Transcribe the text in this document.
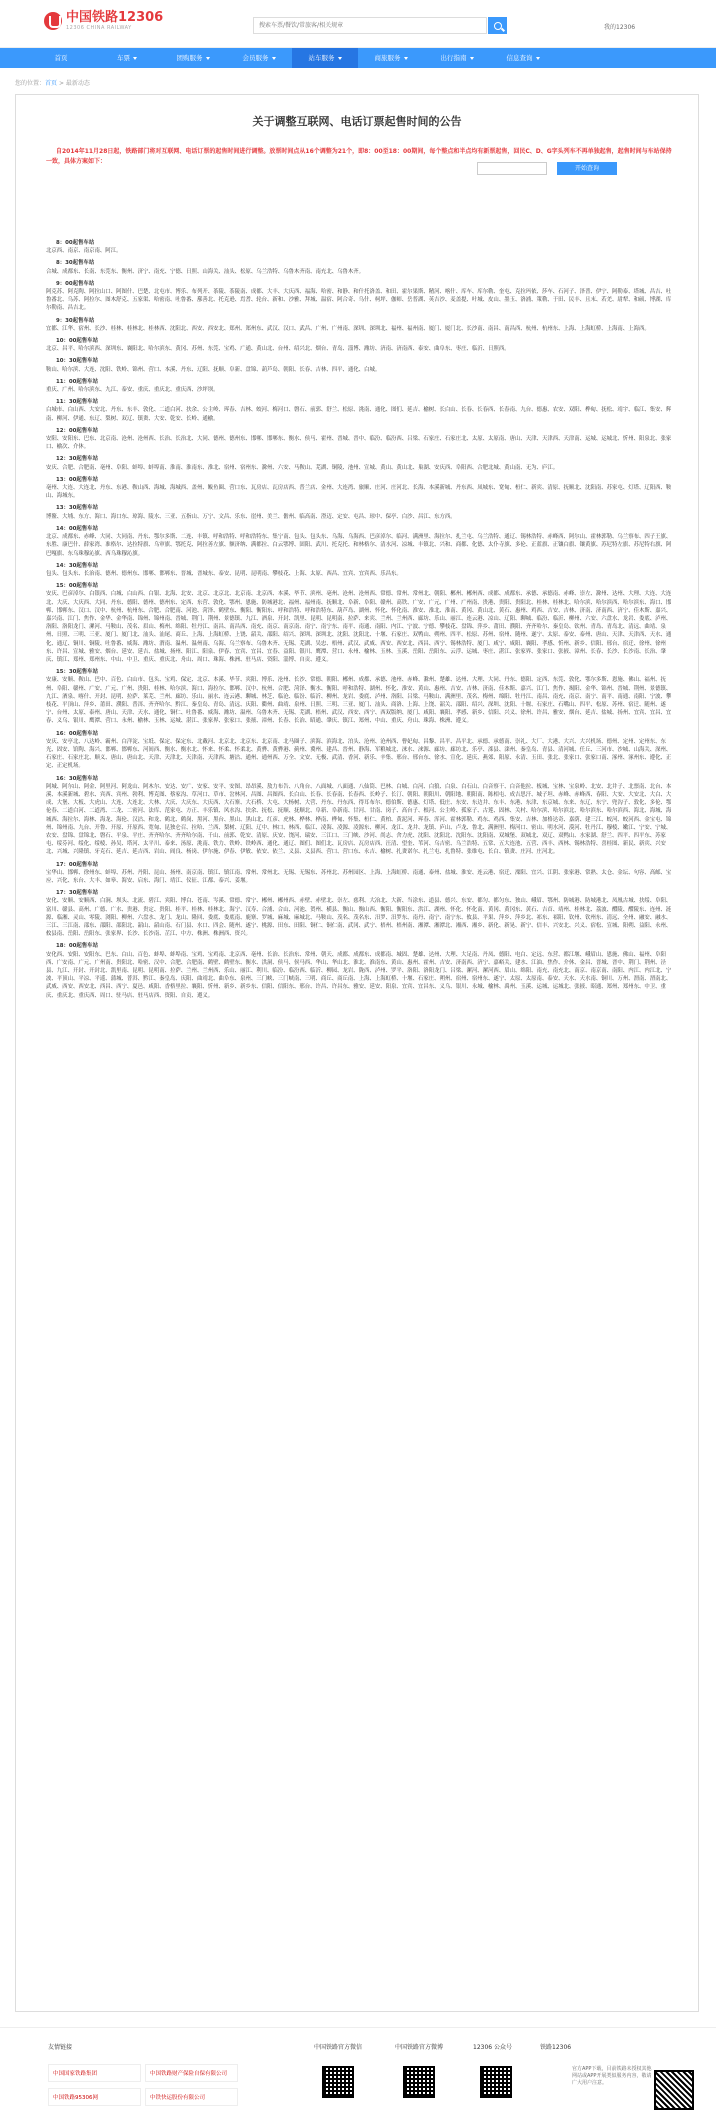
中国铁路12306
12306 CHINA RAILWAY
搜索车票/餐饮/常旅客/相关规章	我的12306
首页	车票	团购服务	会员服务	站车服务	商旅服务	出行指南	信息查询
您的位置：首页 > 最新动态
关于调整互联网、电话订票起售时间的公告
自2014年11月28日起，铁路部门将对互联网、电话订票的起售时间进行调整。放票时间点从16个调整为21个，即8：00至18：00期间，每个整点和半点均有新票起售，回民C、D、G字头列车不再单独起售，起售时间与车站保持一致，具体方案如下：
开始查询
8：00起售车站
北京西、南京、南京南、阿江。
8：30起售车站
合城、成都东、长南、东莞东、衡州、济宁、南充、宁德、日照、山海关、汕头、松原、乌兰浩特、乌鲁木齐南、南充北、乌鲁木齐。
9：00起售车站
阿克苏、阿克陶、阿拉山口、阿图什、巴楚、北屯市、博乐、布列开、茶陵、茶陵南、成都、大丰、大庆西、福海、哈密、和静、和什托洛盖、和田、霍尔果斯、精河、喀什、库车、库尔勒、奎屯、克拉玛依、莎车、石河子、泽普、伊宁、阿勒泰、塔城、昌吉、吐鲁番北、乌苏、阿拉尔、图木舒克、五家渠、哈密南、吐鲁番、鄯善北、托克逊、焉耆、轮台、新和、沙雅、拜城、温宿、阿合奇、乌什、柯坪、伽师、岳普湖、英吉沙、麦盖提、叶城、皮山、墨玉、洛浦、策勒、于田、民丰、且末、若羌、尉犁、和硕、博湖、库尔勒南、昌吉北。
9：30起售车站
宜都、江华、宿州、长沙、桂林、桂林北、桂林西、沈阳北、西安、西安北、郑州、郑州东、武汉、汉口、武昌、广州、广州南、深圳、深圳北、福州、福州南、厦门、厦门北、长沙南、南昌、南昌西、杭州、杭州东、上海、上海虹桥、上海南、上海西。
10：00起售车站
北京、昌平、哈尔滨西、深圳东、襄阳北、哈尔滨东、黄冈、苏州、东莞、宝鸡、广通、黄山北、台州、绍兴北、烟台、青岛、淄博、潍坊、济南、济南西、泰安、曲阜东、枣庄、临沂、日照西。
10：30起售车站
鞍山、哈尔滨、大连、沈阳、铁岭、锦州、营口、本溪、丹东、辽阳、抚顺、阜新、盘锦、葫芦岛、朝阳、长春、吉林、四平、通化、白城。
11：00起售车站
重庆、广州、哈尔滨东、九江、泰安、重庆、重庆北、重庆西、沙坪坝。
11：30起售车站
白城市、白山西、大安北、丹东、东丰、敦化、二道白河、扶余、公主岭、珲春、吉林、蛟河、梅河口、磐石、前郭、舒兰、松原、洮南、通化、图们、延吉、榆树、长白山、长春、长春西、长春南、九台、德惠、农安、双阳、桦甸、抚松、靖宇、临江、集安、辉南、柳河、伊通、东辽、梨树、双辽、镇赉、大安、乾安、长岭、通榆。
12：00起售车站
安阳、安阳东、巴东、北京南、沧州、沧州西、长治、长治北、大同、德州、德州东、邯郸、邯郸东、衡水、侯马、霍州、晋城、晋中、临汾、临汾西、吕梁、石家庄、石家庄北、太原、太原南、唐山、天津、天津西、天津南、运城、运城北、忻州、阳泉北、张家口、榆次、介休。
12：30起售车站
安庆、合肥、合肥南、亳州、阜阳、蚌埠、蚌埠南、淮南、淮南东、淮北、宿州、宿州东、滁州、六安、马鞍山、芜湖、铜陵、池州、宣城、黄山、黄山北、巢湖、安庆西、阜阳西、合肥北城、黄山南、无为、庐江。
13：00起售车站
亳州、大连、大连北、丹东、东港、鞍山西、海城、海城西、盖州、鲅鱼圈、营口东、瓦房店、瓦房店西、普兰店、金州、大连湾、旅顺、庄河、庄河北、长海、本溪新城、丹东西、凤城东、宽甸、桓仁、新宾、清原、抚顺北、沈阳南、苏家屯、灯塔、辽阳西、鞍山、海城东。
13：30起售车站
博鳌、大埔、东方、海口、海口东、琼海、陵水、三亚、五指山、万宁、文昌、乐东、崖州、美兰、儋州、临高南、澄迈、定安、屯昌、琼中、保亭、白沙、昌江、东方西。
14：00起售车站
北京、成都东、赤峰、大同、大同南、丹东、鄂尔多斯、二连、丰镇、呼和浩特、呼和浩特东、集宁南、包头、包头东、乌海、乌海西、巴彦淖尔、临河、满洲里、海拉尔、扎兰屯、乌兰浩特、通辽、锡林浩特、赤峰西、阿尔山、霍林郭勒、乌兰察布、四子王旗、东胜、康巴什、薛家湾、准格尔、达拉特旗、乌审旗、鄂托克、阿拉善左旗、额济纳、满都拉、白云鄂博、固阳、武川、托克托、和林格尔、清水河、凉城、丰镇北、兴和、商都、化德、太仆寺旗、多伦、正蓝旗、正镶白旗、镶黄旗、苏尼特左旗、苏尼特右旗、阿巴嘎旗、东乌珠穆沁旗、西乌珠穆沁旗。
14：30起售车站
包头、包头东、长治南、德州、德州东、邯郸、邯郸东、晋城、晋城东、泰安、昆明、昆明南、攀枝花、上海、太原、西昌、宜宾、宜宾西、乐昌东。
15：00起售车站
安庆、巴彦淖尔、白银西、白城、白山西、白银、北海、北安、北京、北京北、北京南、北京西、本溪、毕节、滨州、亳州、沧州、沧州西、常德、常州、常州北、朝阳、郴州、郴州西、成都、成都东、承德、承德南、赤峰、崇左、滁州、达州、大理、大连、大连北、大庆、大庆西、大同、丹东、德阳、德州、德州东、定西、东营、敦化、鄂州、恩施、防城港北、福州、福州南、抚顺北、阜新、阜阳、赣州、高铁、广安、广元、广州、广州南、贵港、贵阳、贵阳北、桂林、桂林北、哈尔滨、哈尔滨西、哈尔滨东、海口、邯郸、邯郸东、汉口、汉中、杭州、杭州东、合肥、合肥南、河池、菏泽、鹤壁东、衡阳、衡阳东、呼和浩特、呼和浩特东、葫芦岛、湖州、怀化、怀化南、淮安、淮北、淮南、黄冈、黄山北、黄石、惠州、鸡西、吉安、吉林、济南、济南西、济宁、佳木斯、嘉兴、嘉兴南、江门、焦作、金华、金华南、锦州、锦州南、晋城、荆门、荆州、景德镇、九江、酒泉、开封、凯里、昆明、昆明南、拉萨、来宾、兰州、兰州西、廊坊、乐山、丽江、连云港、凉山、辽阳、聊城、临汾、临沂、柳州、六安、六盘水、龙岩、娄底、泸州、洛阳、洛阳龙门、漯河、马鞍山、茂名、眉山、梅州、绵阳、牡丹江、南昌、南昌西、南充、南京、南京南、南宁、南宁东、南平、南通、南阳、内江、宁波、宁德、攀枝花、盘锦、萍乡、莆田、濮阳、齐齐哈尔、秦皇岛、钦州、青岛、青岛北、清远、曲靖、泉州、日照、三明、三亚、厦门、厦门北、汕头、汕尾、商丘、上海、上海虹桥、上饶、韶关、邵阳、绍兴、深圳、深圳北、沈阳、沈阳北、十堰、石家庄、双鸭山、朔州、四平、松原、苏州、宿州、随州、遂宁、太原、泰安、泰州、唐山、天津、天津西、天水、通化、通辽、铜川、铜陵、吐鲁番、威海、潍坊、渭南、温州、温州南、乌海、乌兰察布、乌鲁木齐、无锡、芜湖、吴忠、梧州、武汉、武威、西安、西安北、西昌、西宁、锡林浩特、厦门、咸宁、咸阳、襄阳、孝感、忻州、新乡、信阳、邢台、宿迁、徐州、徐州东、许昌、宣城、雅安、烟台、延安、延吉、盐城、扬州、阳江、阳泉、伊春、宜宾、宜昌、宜春、益阳、银川、鹰潭、营口、永州、榆林、玉林、玉溪、岳阳、岳阳东、云浮、运城、枣庄、湛江、张家界、张家口、张掖、漳州、长春、长沙、长沙南、长治、肇庆、镇江、郑州、郑州东、中山、中卫、重庆、重庆北、舟山、周口、珠海、株洲、驻马店、资阳、淄博、自贡、遵义。
15：30起售车站
安康、安顺、鞍山、巴中、百色、白山市、包头、宝鸡、保定、北京、本溪、毕节、宾阳、博乐、沧州、长沙、常德、朝阳、郴州、成都、承德、池州、赤峰、滁州、楚雄、达州、大理、大同、丹东、德阳、定西、东莞、敦化、鄂尔多斯、恩施、佛山、福州、抚州、阜阳、赣州、广安、广元、广州、贵阳、桂林、哈尔滨、海口、海拉尔、邯郸、汉中、杭州、合肥、菏泽、衡水、衡阳、呼和浩特、湖州、怀化、淮安、黄山、惠州、吉安、吉林、济南、佳木斯、嘉兴、江门、焦作、揭阳、金华、锦州、晋城、荆州、景德镇、九江、酒泉、喀什、开封、昆明、拉萨、莱芜、兰州、廊坊、乐山、丽水、连云港、聊城、林芝、临沧、临汾、临沂、柳州、龙岩、娄底、泸州、洛阳、吕梁、马鞍山、满洲里、茂名、梅州、绵阳、牡丹江、南昌、南充、南京、南宁、南平、南通、南阳、宁波、攀枝花、平顶山、萍乡、莆田、濮阳、普洱、齐齐哈尔、黔江、秦皇岛、青岛、清远、庆阳、衢州、曲靖、泉州、日照、三明、三亚、厦门、汕头、商洛、上海、上饶、韶关、邵阳、绍兴、深圳、沈阳、十堰、石家庄、石嘴山、四平、松原、苏州、宿迁、随州、遂宁、台州、太原、泰州、唐山、天津、天水、通化、铜仁、吐鲁番、威海、潍坊、温州、乌鲁木齐、无锡、芜湖、梧州、武汉、西安、西宁、西双版纳、厦门、咸阳、襄阳、孝感、新乡、信阳、兴义、徐州、许昌、雅安、烟台、延吉、盐城、扬州、宜宾、宜昌、宜春、义乌、银川、鹰潭、营口、永州、榆林、玉林、运城、湛江、张家界、张家口、张掖、漳州、长春、长治、昭通、肇庆、镇江、郑州、中山、重庆、舟山、珠海、株洲、遵义。
16：00起售车站
安庆、安亭北、八达岭、霸州、白洋淀、宝坻、保定、保定东、北戴河、北京北、北京东、北京南、北马圈子、滨海、滨海北、泊头、沧州、沧州西、曹妃甸、昌黎、昌平、昌平北、承德、承德南、崇礼、大厂、大港、大兴、大兴机场、德州、定州、定州东、东光、固安、馆陶、海兴、邯郸、邯郸东、河间西、衡水、衡水北、怀来、怀柔、怀柔北、黄骅、黄骅港、蓟州、冀州、建昌、晋州、静海、军粮城北、涞水、涞源、廊坊、廊坊北、乐亭、滦县、滦州、秦皇岛、青县、清河城、任丘、三河市、沙城、山海关、深州、石家庄、石家庄北、顺义、唐山、唐山北、天津、天津北、天津南、天津西、塘沽、通州、通州西、万全、文安、无极、武清、香河、新乐、辛集、邢台、邢台东、徐水、宣化、延庆、燕郊、阳原、永清、玉田、张北、张家口、张家口南、涿州、涿州东、遵化、正定、正定机场。
16：30起售车站
阿城、阿尔山、阿金、阿里河、阿龙山、阿木尔、安达、安广、安家、安平、安图、昂昂溪、敖力布告、八角台、八面城、八面通、八仙筒、巴林、白城、白河、白狼、白泉、白石山、白音察干、白音他拉、板城、宝林、宝泉岭、北安、北井子、北票南、北台、本溪、本溪新城、碧水、宾西、宾州、勃利、博克图、蔡家沟、草河口、草市、岔林河、昌图、昌图西、长白山、长春、长春南、长春西、长岭子、长汀、朝阳、朝阳川、朝阳地、朝阳南、陈相屯、成吉思汗、城子坦、赤峰、赤峰西、春阳、大安、大安北、大白、大成、大堡、大板、大虎山、大连、大连北、大林、大庆、大庆东、大庆西、大石寨、大石桥、大屯、大杨树、大营、丹东、丹东西、得耳布尔、德伯斯、德惠、灯塔、低庄、东安、东边井、东丰、东港、东津、东京城、东来、东辽、东宁、兜沟子、敦化、多伦、鄂伦春、二道白河、二道湾、二龙、二密河、法库、范家屯、方正、丰乐镇、风水沟、扶余、抚松、抚顺、抚顺北、阜新、阜新南、甘河、甘南、岗子、高台子、根河、公主岭、孤家子、古莲、固林、关村、哈尔滨、哈尔滨北、哈尔滨东、哈尔滨西、海北、海城、海城西、海拉尔、海林、海龙、海伦、汉沽、和龙、鹤北、鹤岗、黑河、黑台、黑山、黑山北、红彦、虎林、桦林、桦南、桦甸、怀集、桓仁、黄柏、黄泥河、珲春、浑河、霍林郭勒、鸡东、鸡西、集安、吉林、加格达奇、嘉荫、建三江、蛟河、蛟河西、金宝屯、锦州、锦州南、九台、开鲁、开原、开原西、宽甸、昆独仑召、拉哈、兰西、梨树、辽阳、辽中、林口、林西、临江、凌海、凌源、凌源东、柳河、龙江、龙井、龙镇、庐山、卢龙、鲁北、满洲里、梅河口、密山、明水河、漠河、牡丹江、穆棱、嫩江、宁安、宁城、农安、盘锦、盘锦北、磐石、平泉、平庄、齐齐哈尔、齐齐哈尔南、千山、前郭、乾安、清原、庆安、饶河、瑞安、三江口、三门峡、沙河、尚志、舍力虎、沈阳、沈阳北、沈阳东、沈阳南、双城堡、双城北、双辽、双鸭山、水家湖、舒兰、四平、四平东、苏家屯、绥芬河、绥化、绥棱、孙吴、塔河、太平川、泰来、汤原、洮南、铁力、铁岭、铁岭西、通化、通辽、图们、图们北、瓦房店、瓦房店西、汪清、望奎、苇河、乌吉密、乌兰浩特、五常、五大连池、五营、西丰、西林、锡林浩特、喜桂图、新民、新宾、兴安北、兴城、兴隆镇、牙克石、延吉、延吉西、岩山、阎良、杨岗、伊尔施、伊春、伊敏、依安、依兰、义县、义县西、营口、营口东、永吉、榆树、扎赉诺尔、扎兰屯、扎鲁特、张维屯、长白、镇赉、庄河、庄河北。
17：00起售车站
宝华山、邯郸、徐州东、蚌埠、苏州、丹阳、昆山、扬州、南京南、镇江、镇江南、常州、常州北、无锡、无锡东、苏州北、苏州园区、上海、上海虹桥、南通、泰州、盐城、淮安、连云港、宿迁、溧阳、宜兴、江阴、张家港、常熟、太仓、金坛、句容、高邮、宝应、兴化、东台、大丰、如皋、海安、启东、海门、靖江、仪征、江都、泰兴、姜堰。
17：30起售车站
安化、安顺、安顺西、白涧、坝头、北流、碧江、宾阳、博白、苍南、岑溪、常德、常宁、郴州、郴州西、赤壁、赤壁北、崇左、慈利、大冶北、大新、当涂东、道县、德兴、东安、都匀、都匀东、独山、峨眉、鄂州、防城港、防城港北、凤凰古城、扶绥、阜阳、富川、赣县、高州、广德、广水、贵港、贵定、贵阳、桂平、桂林、桂林北、海宁、汉寿、合浦、合山、河池、贺州、横县、衡山、衡山西、衡阳、衡阳东、洪江、湖州、怀化、怀化南、黄冈、黄冈东、黄石、吉首、靖州、桂林北、荔波、醴陵、醴陵东、连州、涟源、临湘、灵山、零陵、浏阳、柳州、六盘水、龙门、龙山、隆回、娄底、娄底南、鹿寨、罗城、麻城、麻城北、马鞍山、茂名、茂名东、汨罗、汨罗东、南丹、南宁、南宁东、攸县、平果、萍乡、萍乡北、祁东、祁阳、钦州、钦州东、清远、全州、融安、融水、三江、三江南、邵东、邵阳、邵阳北、韶山、韶山南、石门县、水口、四会、随州、遂宁、桃源、田东、田阳、铜仁、铜仁南、武冈、武宁、梧州、梧州南、湘潭、湘潭北、湘西、湘乡、新化、新晃、新宁、信丰、兴安北、兴义、宿松、宣城、阳朔、益阳、永州、攸县南、岳阳、岳阳东、张家界、长沙、长沙南、芷江、中方、株洲、株洲西、资兴。
18：00起售车站
安化西、安阳、安阳东、巴东、白山、百色、蚌埠、蚌埠南、宝鸡、宝鸡南、北京西、亳州、长治、长治东、常州、朝天、成都、成都东、成都南、城固、楚雄、达州、大理、大足南、丹凤、德阳、电白、定远、东营、都江堰、峨眉山、恩施、佛山、福州、阜阳西、广安南、广元、广州南、贵阳北、哈密、汉中、合肥、合肥南、鹤壁、鹤壁东、衡水、洪洞、侯马、侯马西、华山、华山北、淮北、淮南东、黄山、惠州、霍州、吉安、济南西、济宁、嘉峪关、建水、江油、焦作、介休、金昌、晋城、晋中、荆门、荆州、泾县、九江、开封、开封北、凯里南、昆明、昆明南、拉萨、兰州、兰州西、乐山、丽江、利川、临汾、临汾西、临沂、柳园、龙岩、陇西、泸州、罗平、洛阳、洛阳龙门、吕梁、漯河、漯河西、眉山、绵阳、南充、南充北、南京、南京南、南阳、内江、内江北、宁波、平顶山、平凉、平遥、蒲城、普洱、黔江、秦皇岛、庆阳、曲靖北、曲阜东、泉州、三门峡、三门峡南、三明、商丘、商丘南、上海、上海虹桥、十堰、石家庄、朔州、宿州、宿州东、遂宁、太原、太原南、泰安、天水、天水南、铜川、万州、渭南、渭南北、武威、西安、西安北、西昌、西宁、夏邑、咸阳、香格里拉、襄阳、忻州、新乡、新乡东、信阳、信阳东、邢台、许昌、许昌东、雅安、延安、阳泉、宜宾、宜昌东、义乌、银川、永城、榆林、禹州、玉溪、运城、运城北、张掖、昭通、郑州、郑州东、中卫、重庆、重庆北、重庆西、周口、驻马店、驻马店西、资阳、自贡、遵义。
友情链接
中国国家铁路集团	中国铁路财产保险自保有限公司
中国铁路95306网	中铁快运股份有限公司
中国铁路官方微信	中国铁路官方微博	12306 公众号	铁路12306
官方APP下载，目前铁路未授权其他网站或APP开展类似服务内容，敬请广大用户注意。
